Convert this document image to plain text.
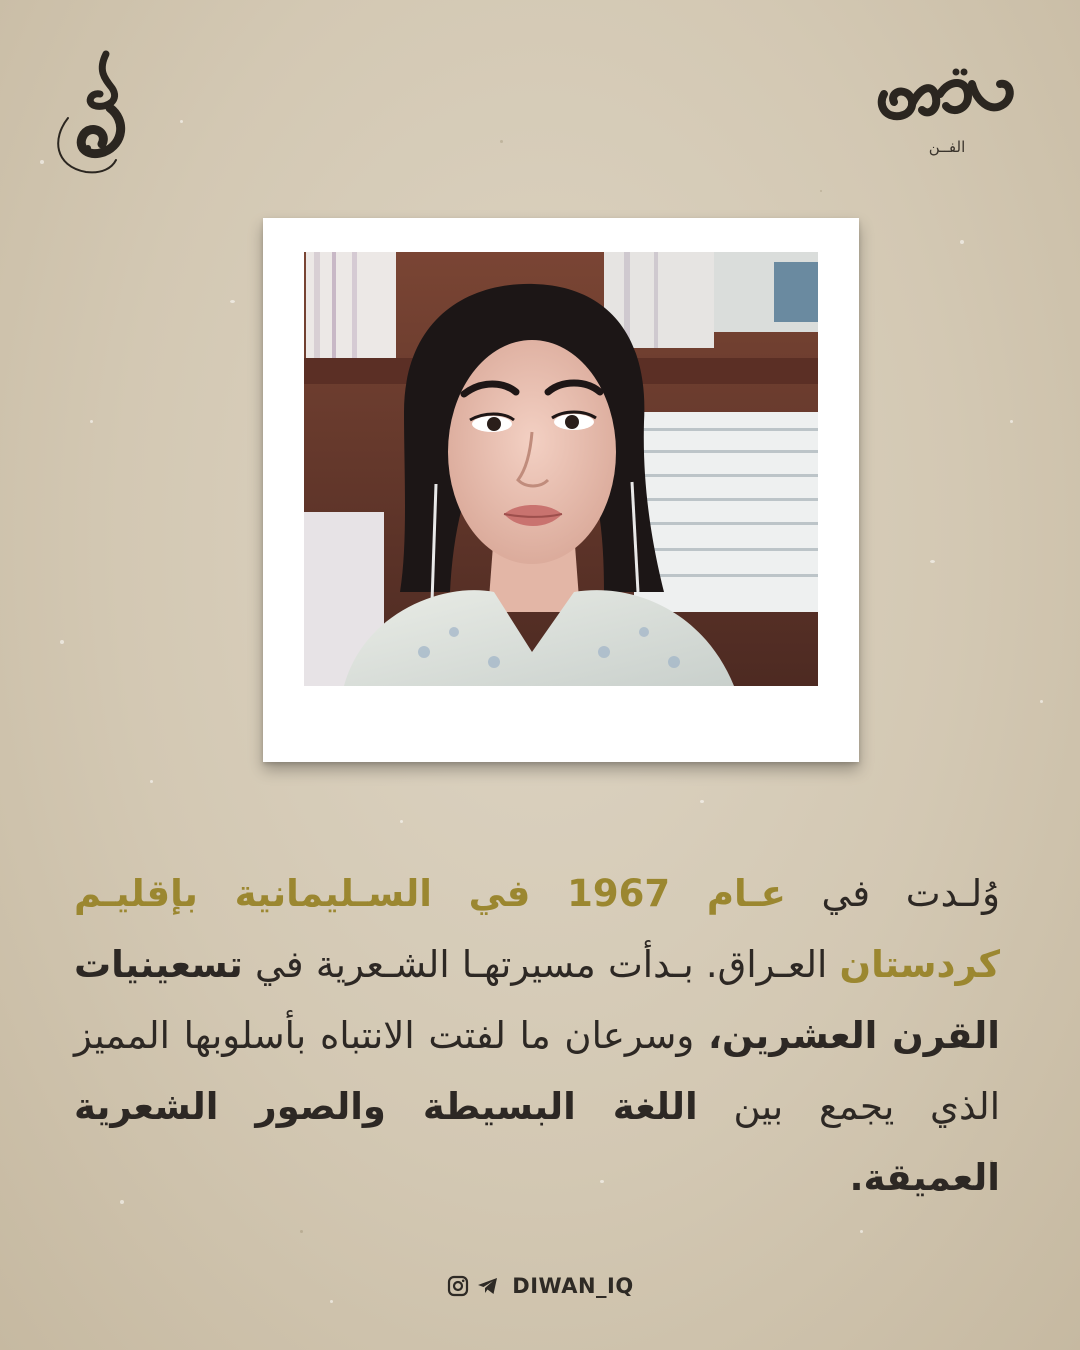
الفــن
وُلـدت في عـام 1967 في السـليمانية بإقليـم كردستان العـراق. بـدأت مسيرتهـا الشـعرية في تسعينيات القرن العشرين، وسرعان ما لفتت الانتباه بأسلوبها المميز الذي يجمع بين اللغة البسيطة والصور الشعرية العميقة.
DIWAN_IQ
